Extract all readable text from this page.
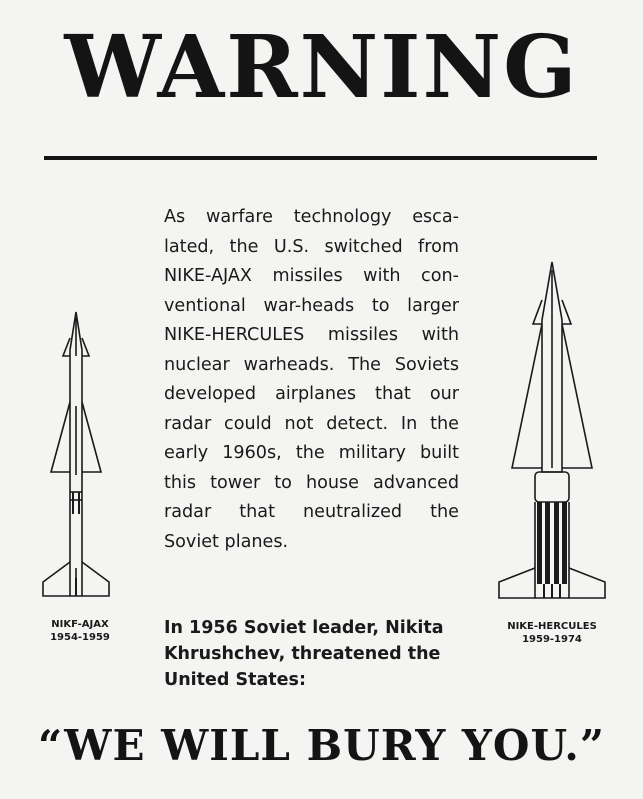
WARNING
As warfare technology esca-
lated, the U.S. switched from
NIKE-AJAX missiles with con-
ventional war-heads to larger
NIKE-HERCULES missiles with
nuclear warheads. The Soviets
developed airplanes that our
radar could not detect. In the
early 1960s, the military built
this tower to house advanced
radar that neutralized the
Soviet planes.
In 1956 Soviet leader, Nikita
Khrushchev, threatened the
United States:
NIKF-AJAX
1954-1959
NIKE-HERCULES
1959-1974
“WE WILL BURY YOU.”
